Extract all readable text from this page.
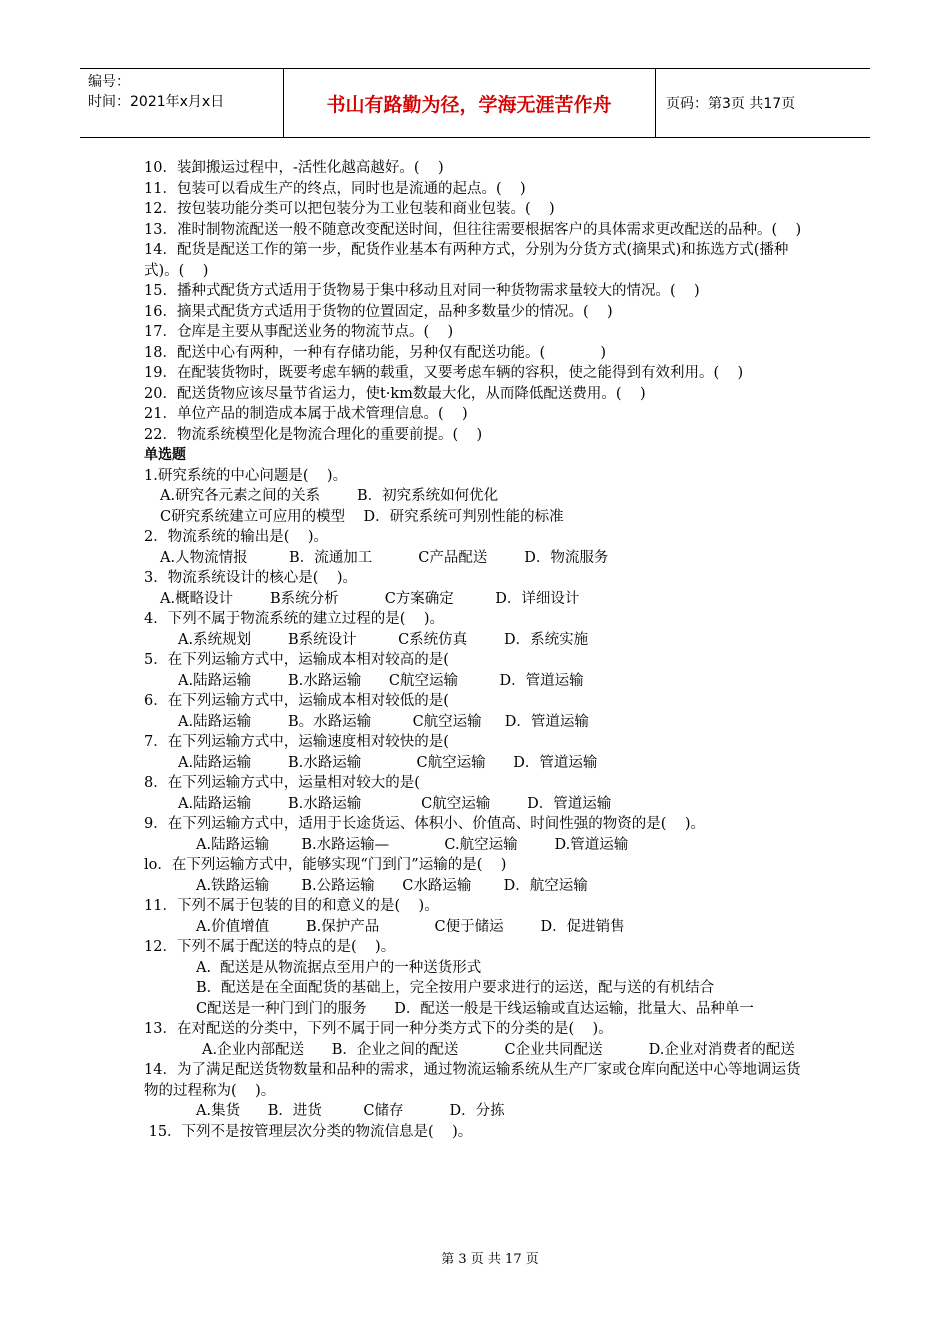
编号：
时间：2021年x月x日	书山有路勤为径，学海无涯苦作舟	页码：第3页 共17页
10．装卸搬运过程中，-活性化越高越好。(    )
11．包装可以看成生产的终点，同时也是流通的起点。(    )
12．按包装功能分类可以把包装分为工业包装和商业包装。(    )
13．准时制物流配送一般不随意改变配送时间，但往往需要根据客户的具体需求更改配送的品种。(    )
14．配货是配送工作的第一步，配货作业基本有两种方式，分别为分货方式(摘果式)和拣选方式(播种式)。(    )
15．播种式配货方式适用于货物易于集中移动且对同一种货物需求量较大的情况。(    )
16．摘果式配货方式适用于货物的位置固定，品种多数量少的情况。(    )
17．仓库是主要从事配送业务的物流节点。(    )
18．配送中心有两种，一种有存储功能，另种仅有配送功能。(            )
19．在配装货物时，既要考虑车辆的载重，又要考虑车辆的容积，使之能得到有效利用。(    )
20．配送货物应该尽量节省运力，使t·km数最大化，从而降低配送费用。(    )
21．单位产品的制造成本属于战术管理信息。(    )
22．物流系统模型化是物流合理化的重要前提。(    )
单选题
1.研究系统的中心问题是(    )。
A.研究各元素之间的关系        B．初究系统如何优化
C研究系统建立可应用的模型    D．研究系统可判别性能的标准
2．物流系统的输出是(    )。
A.人物流情报         B．流通加工          C产品配送        D．物流服务
3．物流系统设计的核心是(    )。
A.概略设计        B系统分析          C方案确定         D．详细设计
4．下列不属于物流系统的建立过程的是(    )。
A.系统规划        B系统设计         C系统仿真        D．系统实施
5．在下列运输方式中，运输成本相对较高的是(
A.陆路运输        B.水路运输      C航空运输         D．管道运输
6．在下列运输方式中，运输成本相对较低的是(
A.陆路运输        B。水路运输         C航空运输     D．管道运输
7．在下列运输方式中，运输速度相对较快的是(
A.陆路运输        B.水路运输            C航空运输      D．管道运输
8．在下列运输方式中，运量相对较大的是(
A.陆路运输        B.水路运输             C航空运输        D．管道运输
9．在下列运输方式中，适用于长途货运、体积小、价值高、时间性强的物资的是(    )。
A.陆路运输       B.水路运输—            C.航空运输        D.管道运输
lo．在下列运输方式中，能够实现“门到门”运输的是(    )
A.铁路运输       B.公路运输      C水路运输       D．航空运输
11．下列不属于包装的目的和意义的是(    )。
A.价值增值        B.保护产品            C便于储运        D．促进销售
12．下列不属于配送的特点的是(    )。
A.  配送是从物流据点至用户的一种送货形式
B．配送是在全面配货的基础上，完全按用户要求进行的运送，配与送的有机结合
C配送是一种门到门的服务      D．配送一般是干线运输或直达运输，批量大、品种单一
13．在对配送的分类中，下列不属于同一种分类方式下的分类的是(    )。
A.企业内部配送      B．企业之间的配送          C企业共同配送          D.企业对消费者的配送
14．为了满足配送货物数量和品种的需求，通过物流运输系统从生产厂家或仓库向配送中心等地调运货物的过程称为(    )。
A.集货      B．进货         C储存          D．分拣
15．下列不是按管理层次分类的物流信息是(    )。
第 3 页 共 17 页
